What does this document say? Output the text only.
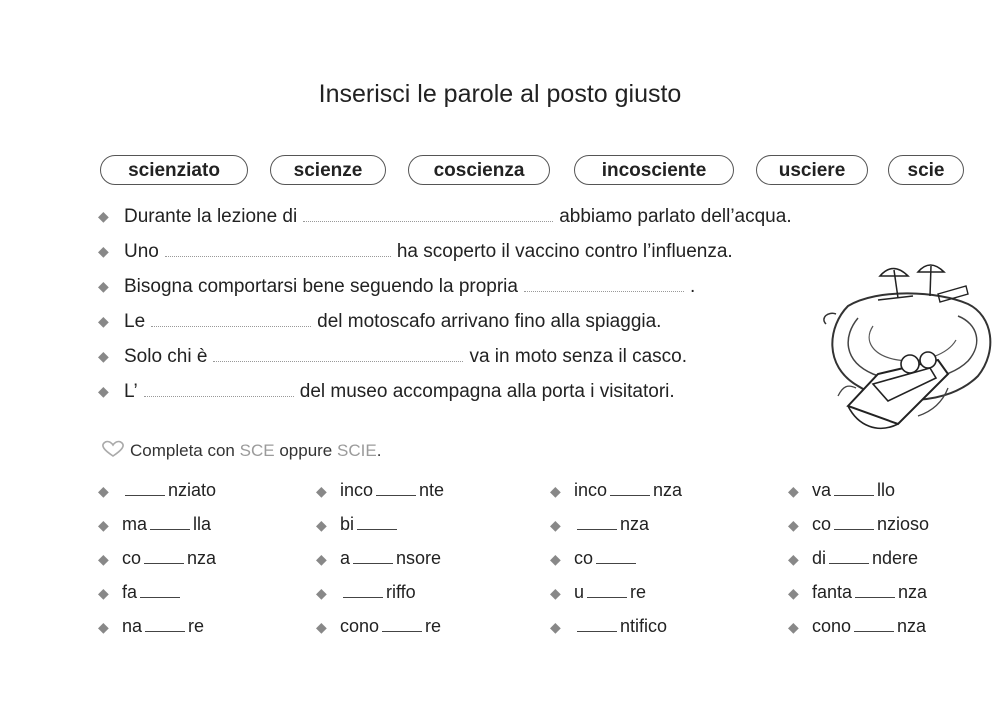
Inserisci le parole al posto giusto
scienziato	scienze	coscienza	incosciente	usciere	scie
◆ Durante la lezione di	abbiamo parlato dell’acqua.
◆ Uno	ha scoperto il vaccino contro l’influenza.
◆ Bisogna comportarsi bene seguendo la propria	.
◆ Le	del motoscafo arrivano fino alla spiaggia.
◆ Solo chi è	va in moto senza il casco.
◆ L’	del museo accompagna alla porta i visitatori.
Completa con SCE oppure SCIE.
◆	nziato
◆ ma	lla
◆ co	nza
◆ fa
◆ na	re
◆ inco	nte
◆ bi
◆ a	nsore
◆	riffo
◆ cono	re
◆ inco	nza
◆	nza
◆ co
◆ u	re
◆	ntifico
◆ va	llo
◆ co	nzioso
◆ di	ndere
◆ fanta	nza
◆ cono	nza
